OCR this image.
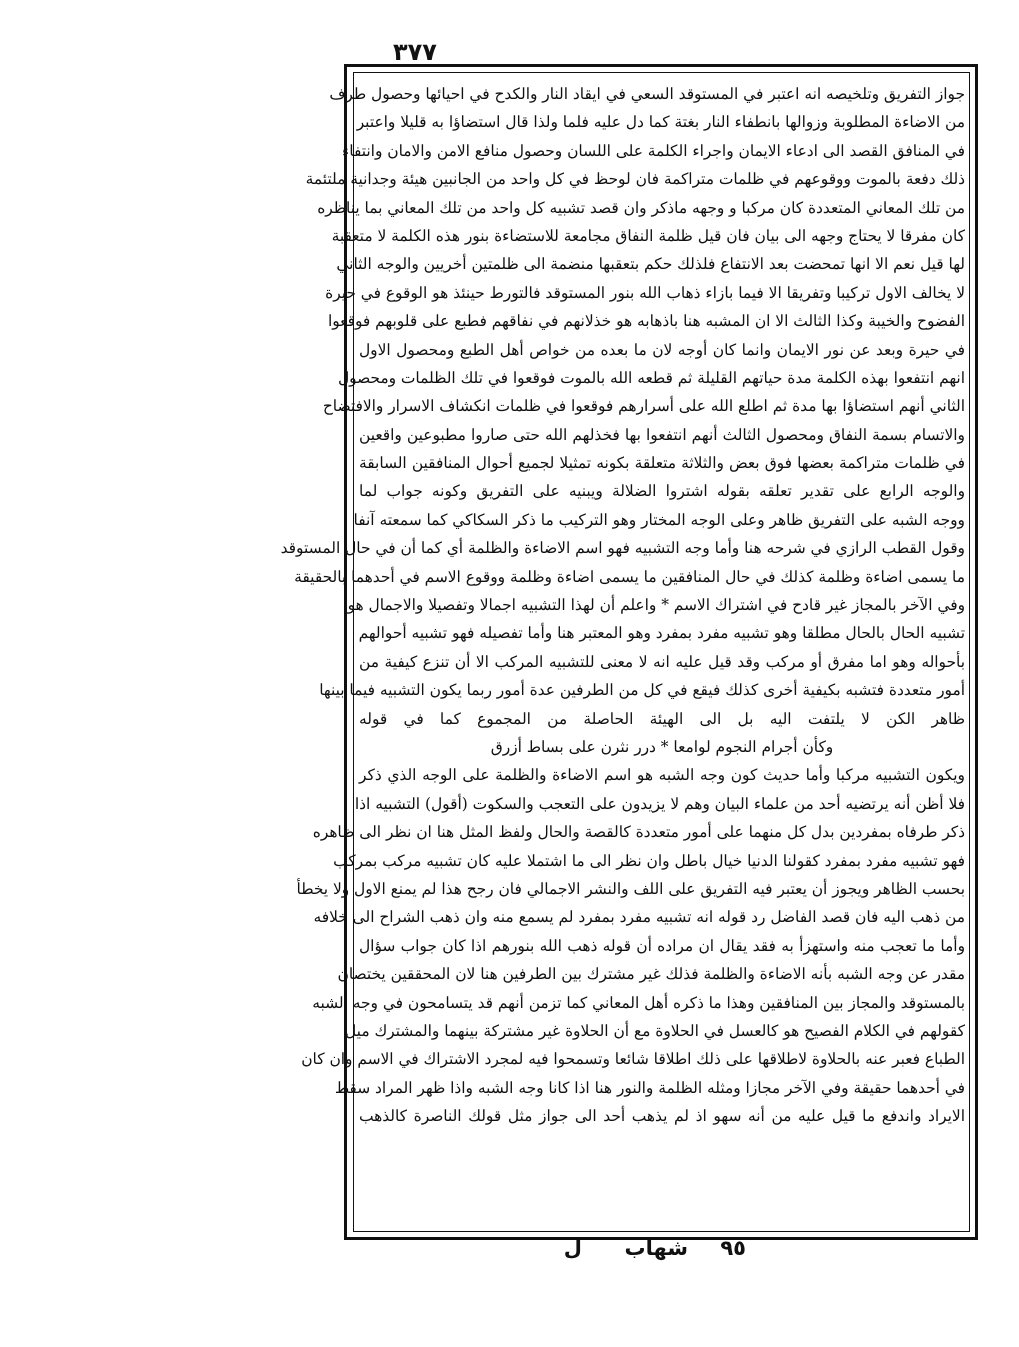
٣٧٧
جواز التفريق وتلخيصه انه اعتبر في المستوقد السعي في ايقاد النار والكدح في احيائها وحصول طرف
من الاضاءة المطلوبة وزوالها بانطفاء النار بغتة كما دل عليه فلما ولذا قال استضاؤا به قليلا واعتبر
في المنافق القصد الى ادعاء الايمان واجراء الكلمة على اللسان وحصول منافع الامن والامان وانتفاء
ذلك دفعة بالموت ووقوعهم في ظلمات متراكمة فان لوحظ في كل واحد من الجانبين هيئة وجدانية ملتئمة
من تلك المعاني المتعددة كان مركبا و وجهه ماذكر وان قصد تشبيه كل واحد من تلك المعاني بما يناظره
كان مفرقا لا يحتاج وجهه الى بيان فان قيل ظلمة النفاق مجامعة للاستضاءة بنور هذه الكلمة لا متعقبة
لها قيل نعم الا انها تمحضت بعد الانتفاع فلذلك حكم بتعقبها منضمة الى ظلمتين أخريين والوجه الثاني
لا يخالف الاول تركيبا وتفريقا الا فيما بازاء ذهاب الله بنور المستوقد فالتورط حينئذ هو الوقوع في حيرة
الفضوح والخيبة وكذا الثالث الا ان المشبه هنا باذهابه هو خذلانهم في نفاقهم فطبع على قلوبهم فوقعوا
في حيرة وبعد عن نور الايمان وانما كان أوجه لان ما بعده من خواص أهل الطبع ومحصول الاول
انهم انتفعوا بهذه الكلمة مدة حياتهم القليلة ثم قطعه الله بالموت فوقعوا في تلك الظلمات ومحصول
الثاني أنهم استضاؤا بها مدة ثم اطلع الله على أسرارهم فوقعوا في ظلمات انكشاف الاسرار والافتضاح
والاتسام بسمة النفاق ومحصول الثالث أنهم انتفعوا بها فخذلهم الله حتى صاروا مطبوعين واقعين
في ظلمات متراكمة بعضها فوق بعض والثلاثة متعلقة بكونه تمثيلا لجميع أحوال المنافقين السابقة
والوجه الرابع على تقدير تعلقه بقوله اشتروا الضلالة ويبنيه على التفريق وكونه جواب لما
ووجه الشبه على التفريق ظاهر وعلى الوجه المختار وهو التركيب ما ذكر السكاكي كما سمعته آنفا
وقول القطب الرازي في شرحه هنا وأما وجه التشبيه فهو اسم الاضاءة والظلمة أي كما أن في حال المستوقد
ما يسمى اضاءة وظلمة كذلك في حال المنافقين ما يسمى اضاءة وظلمة ووقوع الاسم في أحدهما بالحقيقة
وفي الآخر بالمجاز غير قادح في اشتراك الاسم * واعلم أن لهذا التشبيه اجمالا وتفصيلا والاجمال هو
تشبيه الحال بالحال مطلقا وهو تشبيه مفرد بمفرد وهو المعتبر هنا وأما تفصيله فهو تشبيه أحوالهم
بأحواله وهو اما مفرق أو مركب وقد قيل عليه انه لا معنى للتشبيه المركب الا أن تنزع كيفية من
أمور متعددة فتشبه بكيفية أخرى كذلك فيقع في كل من الطرفين عدة أمور ربما يكون التشبيه فيما بينها
ظاهر الكن لا يلتفت اليه بل الى الهيئة الحاصلة من المجموع كما في قوله
وكأن أجرام النجوم لوامعا * درر نثرن على بساط أزرق
ويكون التشبيه مركبا وأما حديث كون وجه الشبه هو اسم الاضاءة والظلمة على الوجه الذي ذكر
فلا أظن أنه يرتضيه أحد من علماء البيان وهم لا يزيدون على التعجب والسكوت (أقول) التشبيه اذا
ذكر طرفاه بمفردين بدل كل منهما على أمور متعددة كالقصة والحال ولفظ المثل هنا ان نظر الى ظاهره
فهو تشبيه مفرد بمفرد كقولنا الدنيا خيال باطل وان نظر الى ما اشتملا عليه كان تشبيه مركب بمركب
بحسب الظاهر ويجوز أن يعتبر فيه التفريق على اللف والنشر الاجمالي فان رجح هذا لم يمنع الاول ولا يخطأ
من ذهب اليه فان قصد الفاضل رد قوله انه تشبيه مفرد بمفرد لم يسمع منه وان ذهب الشراح الى خلافه
وأما ما تعجب منه واستهزأ به فقد يقال ان مراده أن قوله ذهب الله بنورهم اذا كان جواب سؤال
مقدر عن وجه الشبه بأنه الاضاءة والظلمة فذلك غير مشترك بين الطرفين هنا لان المحققين يختصان
بالمستوقد والمجاز بين المنافقين وهذا ما ذكره أهل المعاني كما تزمن أنهم قد يتسامحون في وجه الشبه
كقولهم في الكلام الفصيح هو كالعسل في الحلاوة مع أن الحلاوة غير مشتركة بينهما والمشترك ميل
الطباع فعبر عنه بالحلاوة لاطلاقها على ذلك اطلاقا شائعا وتسمحوا فيه لمجرد الاشتراك في الاسم وان كان
في أحدهما حقيقة وفي الآخر مجازا ومثله الظلمة والنور هنا اذا كانا وجه الشبه واذا ظهر المراد سقط
الايراد واندفع ما قيل عليه من أنه سهو اذ لم يذهب أحد الى جواز مثل قولك الناصرة كالذهب
٩٥
شهاب
ل
